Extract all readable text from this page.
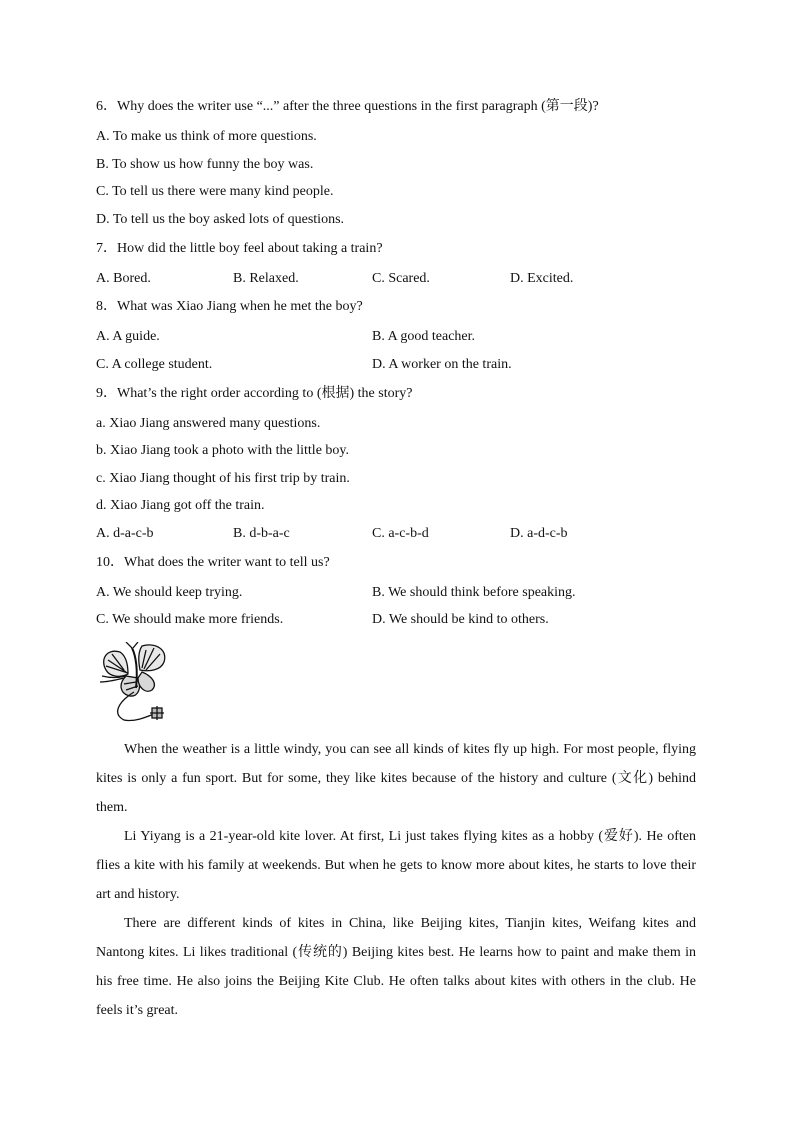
6．Why does the writer use “...” after the three questions in the first paragraph (第一段)?
A. To make us think of more questions.
B. To show us how funny the boy was.
C. To tell us there were many kind people.
D. To tell us the boy asked lots of questions.
7．How did the little boy feel about taking a train?
A. Bored.	B. Relaxed.	C. Scared.	D. Excited.
8．What was Xiao Jiang when he met the boy?
A. A guide.	B. A good teacher.
C. A college student.	D. A worker on the train.
9．What’s the right order according to (根据) the story?
a. Xiao Jiang answered many questions.
b. Xiao Jiang took a photo with the little boy.
c. Xiao Jiang thought of his first trip by train.
d. Xiao Jiang got off the train.
A. d-a-c-b	B. d-b-a-c	C. a-c-b-d	D. a-d-c-b
10．What does the writer want to tell us?
A. We should keep trying.	B. We should think before speaking.
C. We should make more friends.	D. We should be kind to others.
When the weather is a little windy, you can see all kinds of kites fly up high. For most people, flying kites is only a fun sport. But for some, they like kites because of the history and culture (文化) behind them.
Li Yiyang is a 21-year-old kite lover. At first, Li just takes flying kites as a hobby (爱好). He often flies a kite with his family at weekends. But when he gets to know more about kites, he starts to love their art and history.
There are different kinds of kites in China, like Beijing kites, Tianjin kites, Weifang kites and Nantong kites. Li likes traditional (传统的) Beijing kites best. He learns how to paint and make them in his free time. He also joins the Beijing Kite Club. He often talks about kites with others in the club. He feels it’s great.
